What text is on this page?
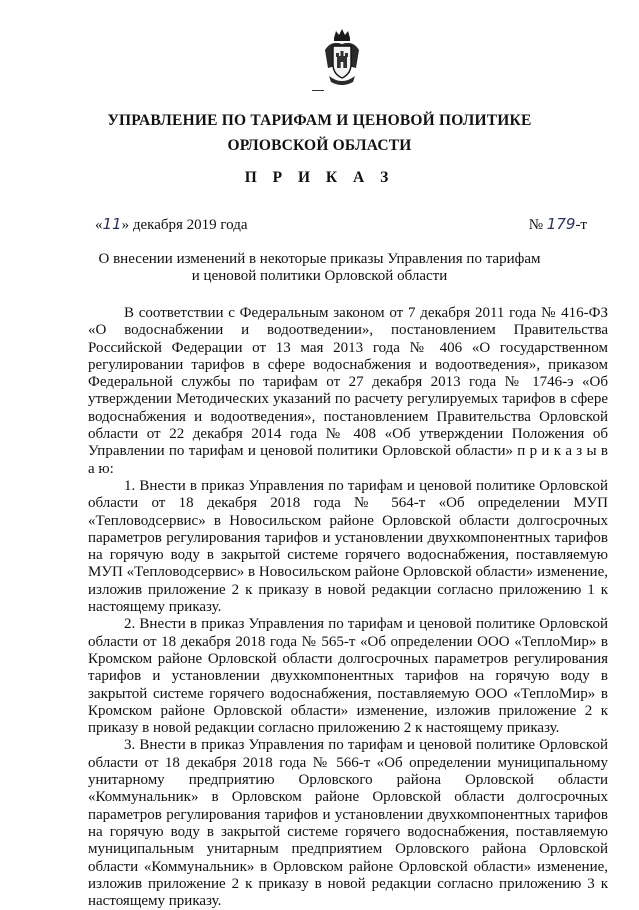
УПРАВЛЕНИЕ ПО ТАРИФАМ И ЦЕНОВОЙ ПОЛИТИКЕ
ОРЛОВСКОЙ ОБЛАСТИ
П Р И К А З
«11» декабря 2019 года	№ 179-т
О внесении изменений в некоторые приказы Управления по тарифам
и ценовой политики Орловской области

В соответствии с Федеральным законом от 7 декабря 2011 года № 416-ФЗ «О водоснабжении и водоотведении», постановлением Правительства Российской Федерации от 13 мая 2013 года № 406 «О государственном регулировании тарифов в сфере водоснабжения и водоотведения», приказом Федеральной службы по тарифам от 27 декабря 2013 года № 1746-э «Об утверждении Методических указаний по расчету регулируемых тарифов в сфере водоснабжения и водоотведения», постановлением Правительства Орловской области от 22 декабря 2014 года № 408 «Об утверждении Положения об Управлении по тарифам и ценовой политики Орловской области» п р и к а з ы в а ю:

1. Внести в приказ Управления по тарифам и ценовой политике Орловской области от 18 декабря 2018 года № 564-т «Об определении МУП «Тепловодсервис» в Новосильском районе Орловской области долгосрочных параметров регулирования тарифов и установлении двухкомпонентных тарифов на горячую воду в закрытой системе горячего водоснабжения, поставляемую МУП «Тепловодсервис» в Новосильском районе Орловской области» изменение, изложив приложение 2 к приказу в новой редакции согласно приложению 1 к настоящему приказу.

2. Внести в приказ Управления по тарифам и ценовой политике Орловской области от 18 декабря 2018 года № 565-т «Об определении ООО «ТеплоМир» в Кромском районе Орловской области долгосрочных параметров регулирования тарифов и установлении двухкомпонентных тарифов на горячую воду в закрытой системе горячего водоснабжения, поставляемую ООО «ТеплоМир» в Кромском районе Орловской области» изменение, изложив приложение 2 к приказу в новой редакции согласно приложению 2 к настоящему приказу.

3. Внести в приказ Управления по тарифам и ценовой политике Орловской области от 18 декабря 2018 года № 566-т «Об определении муниципальному унитарному предприятию Орловского района Орловской области «Коммунальник» в Орловском районе Орловской области долгосрочных параметров регулирования тарифов и установлении двухкомпонентных тарифов на горячую воду в закрытой системе горячего водоснабжения, поставляемую муниципальным унитарным предприятием Орловского района Орловской области «Коммунальник» в Орловском районе Орловской области» изменение, изложив приложение 2 к приказу в новой редакции согласно приложению 3 к настоящему приказу.
